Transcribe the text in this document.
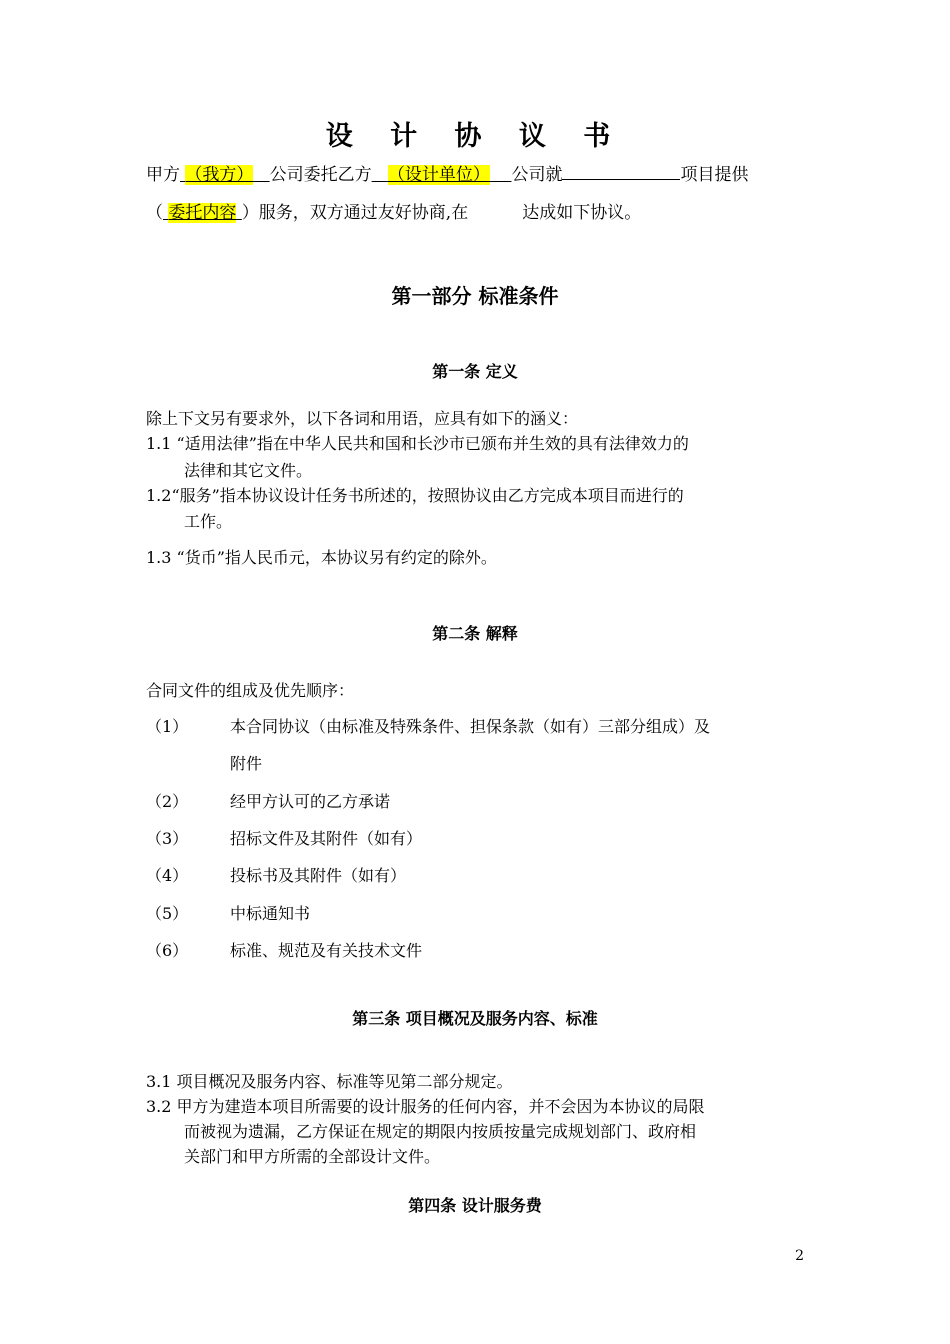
设 计 协 议 书
甲方 （我方） 公司委托乙方 （设计单位） 公司就	项目提供
（ 委托内容 ）服务，双方通过友好协商,在	达成如下协议。
第一部分 标准条件
第一条 定义
除上下文另有要求外，以下各词和用语，应具有如下的涵义：
1.1 “适用法律”指在中华人民共和国和长沙市已颁布并生效的具有法律效力的
法律和其它文件。
1.2“服务”指本协议设计任务书所述的，按照协议由乙方完成本项目而进行的
工作。
1.3 “货币”指人民币元，本协议另有约定的除外。
第二条 解释
合同文件的组成及优先顺序：
（1）	本合同协议（由标准及特殊条件、担保条款（如有）三部分组成）及
附件
（2）	经甲方认可的乙方承诺
（3）	招标文件及其附件（如有）
（4）	投标书及其附件（如有）
（5）	中标通知书
（6）	标准、规范及有关技术文件
第三条 项目概况及服务内容、标准
3.1 项目概况及服务内容、标准等见第二部分规定。
3.2 甲方为建造本项目所需要的设计服务的任何内容，并不会因为本协议的局限
而被视为遗漏，乙方保证在规定的期限内按质按量完成规划部门、政府相
关部门和甲方所需的全部设计文件。
第四条 设计服务费
2
